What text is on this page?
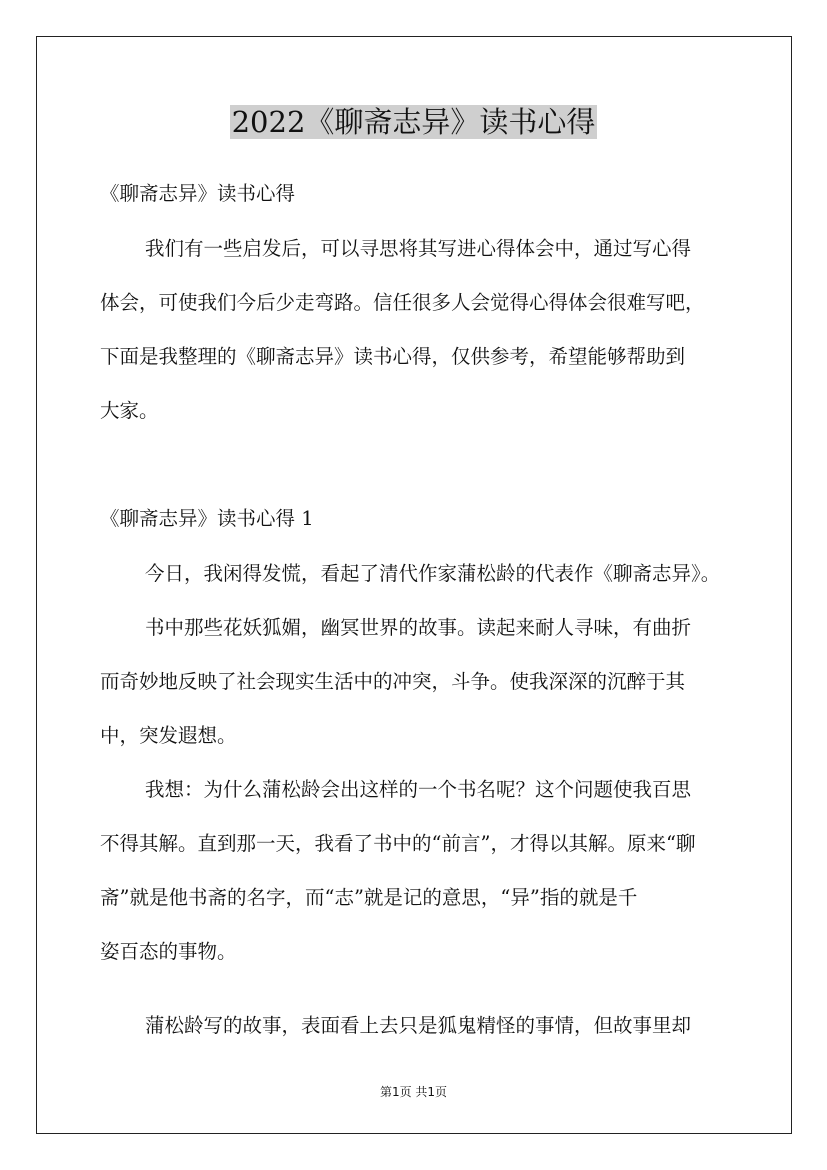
2022《聊斋志异》读书心得
《聊斋志异》读书心得
我们有一些启发后，可以寻思将其写进心得体会中，通过写心得
体会，可使我们今后少走弯路。信任很多人会觉得心得体会很难写吧，
下面是我整理的《聊斋志异》读书心得，仅供参考，希望能够帮助到
大家。
《聊斋志异》读书心得 1
今日，我闲得发慌，看起了清代作家蒲松龄的代表作《聊斋志异》。
书中那些花妖狐媚，幽冥世界的故事。读起来耐人寻味，有曲折
而奇妙地反映了社会现实生活中的冲突，斗争。使我深深的沉醉于其
中，突发遐想。
我想：为什么蒲松龄会出这样的一个书名呢？这个问题使我百思
不得其解。直到那一天，我看了书中的“前言”，才得以其解。原来“聊
斋”就是他书斋的名字，而“志”就是记的意思，“异”指的就是千
姿百态的事物。
蒲松龄写的故事，表面看上去只是狐鬼精怪的事情，但故事里却
第1页 共1页
